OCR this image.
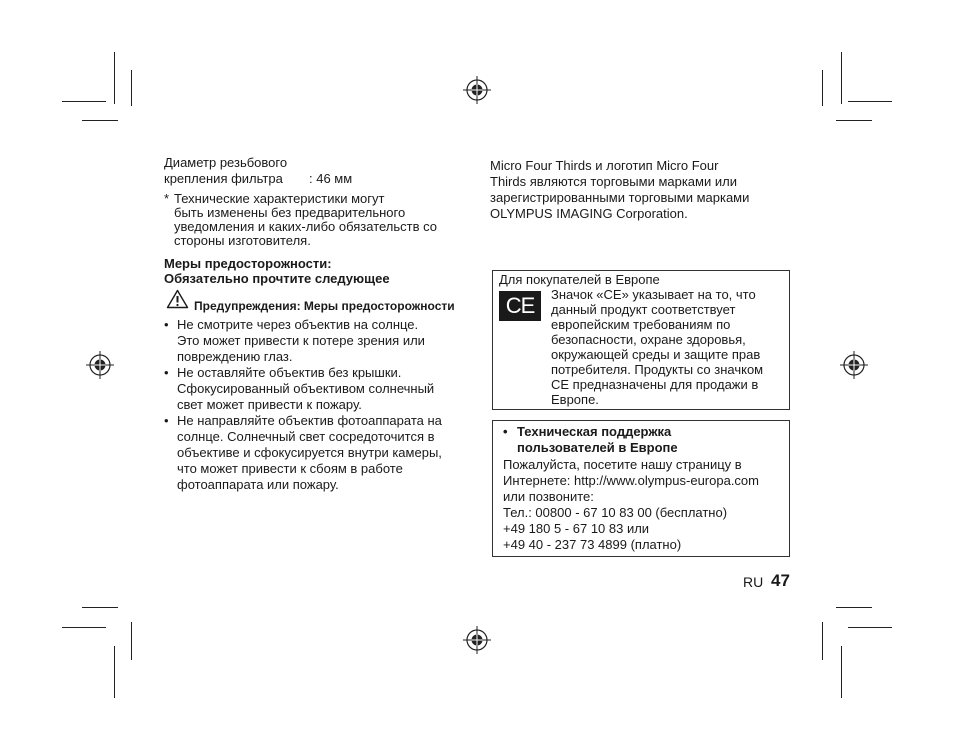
Диаметр резьбового
крепления фильтра : 46 мм
* Технические характеристики могут
быть изменены без предварительного
уведомления и каких-либо обязательств со
стороны изготовителя.
Меры предосторожности:
Обязательно прочтите следующее
Предупреждения: Меры предосторожности
• Не смотрите через объектив на солнце.
Это может привести к потере зрения или
повреждению глаз.
• Не оставляйте объектив без крышки.
Сфокусированный объективом солнечный
свет может привести к пожару.
• Не направляйте объектив фотоаппарата на
солнце. Солнечный свет сосредоточится в
объективе и сфокусируется внутри камеры,
что может привести к сбоям в работе
фотоаппарата или пожару.
Micro Four Thirds и логотип Micro Four
Thirds являются торговыми марками или
зарегистрированными торговыми марками
OLYMPUS IMAGING Corporation.
Для покупателей в Европе
CE	Значок «CE» указывает на то, что
данный продукт соответствует
европейским требованиям по
безопасности, охране здоровья,
окружающей среды и защите прав
потребителя. Продукты со значком
CE предназначены для продажи в
Европе.
• Техническая поддержка
пользователей в Европе
Пожалуйста, посетите нашу страницу в
Интернете: http://www.olympus-europa.com
или позвоните:
Тел.: 00800 - 67 10 83 00 (бесплатно)
+49 180 5 - 67 10 83 или
+49 40 - 237 73 4899 (платно)
RU 47
